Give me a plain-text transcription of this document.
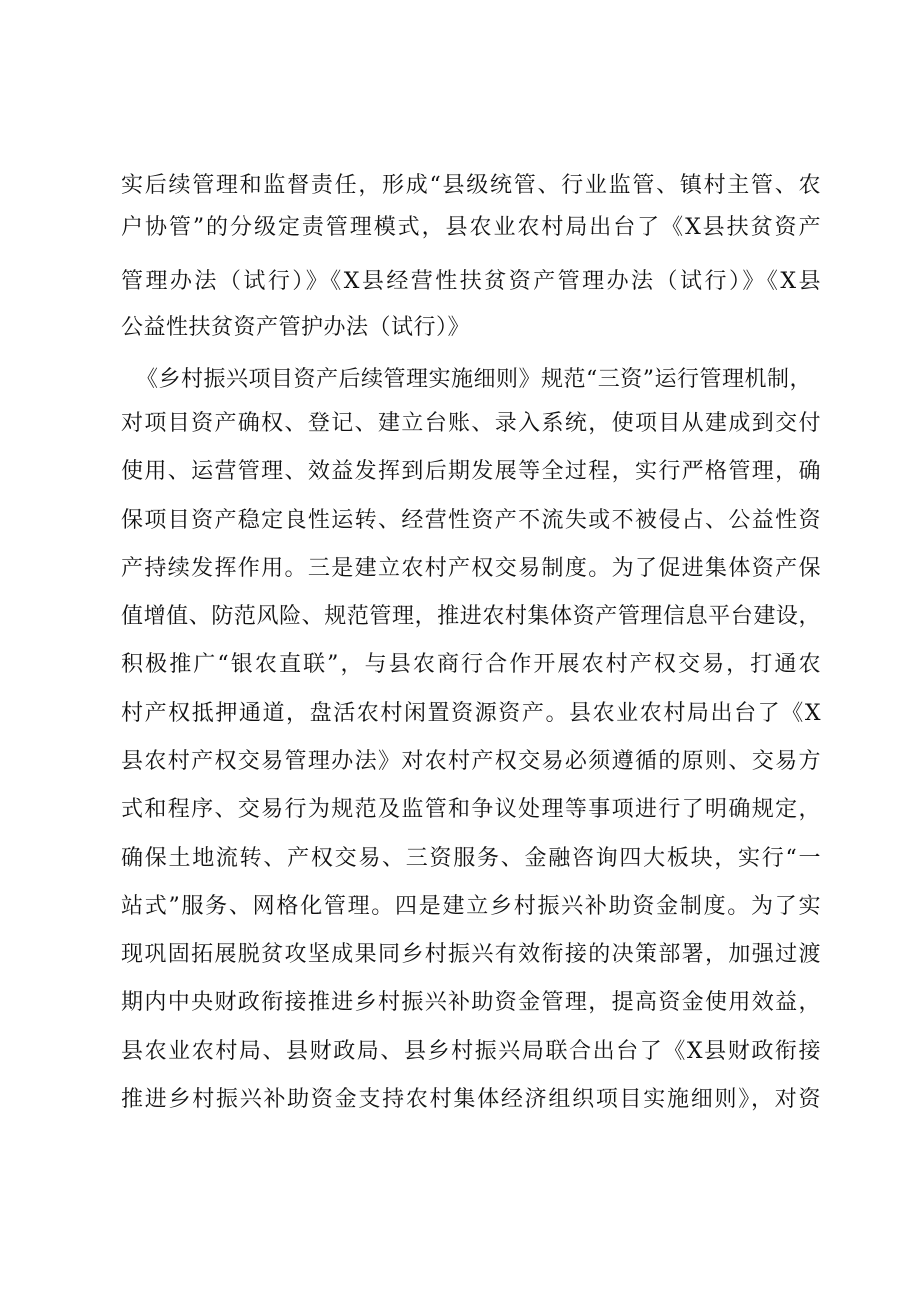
实后续管理和监督责任，形成“县级统管、行业监管、镇村主管、农
户协管”的分级定责管理模式，县农业农村局出台了《X县扶贫资产
管理办法（试行）》《X县经营性扶贫资产管理办法（试行）》《X县
公益性扶贫资产管护办法（试行）》
《乡村振兴项目资产后续管理实施细则》规范“三资”运行管理机制，
对项目资产确权、登记、建立台账、录入系统，使项目从建成到交付
使用、运营管理、效益发挥到后期发展等全过程，实行严格管理，确
保项目资产稳定良性运转、经营性资产不流失或不被侵占、公益性资
产持续发挥作用。三是建立农村产权交易制度。为了促进集体资产保
值增值、防范风险、规范管理，推进农村集体资产管理信息平台建设，
积极推广“银农直联”，与县农商行合作开展农村产权交易，打通农
村产权抵押通道，盘活农村闲置资源资产。县农业农村局出台了《X
县农村产权交易管理办法》对农村产权交易必须遵循的原则、交易方
式和程序、交易行为规范及监管和争议处理等事项进行了明确规定，
确保土地流转、产权交易、三资服务、金融咨询四大板块，实行“一
站式”服务、网格化管理。四是建立乡村振兴补助资金制度。为了实
现巩固拓展脱贫攻坚成果同乡村振兴有效衔接的决策部署，加强过渡
期内中央财政衔接推进乡村振兴补助资金管理，提高资金使用效益，
县农业农村局、县财政局、县乡村振兴局联合出台了《X县财政衔接
推进乡村振兴补助资金支持农村集体经济组织项目实施细则》，对资
